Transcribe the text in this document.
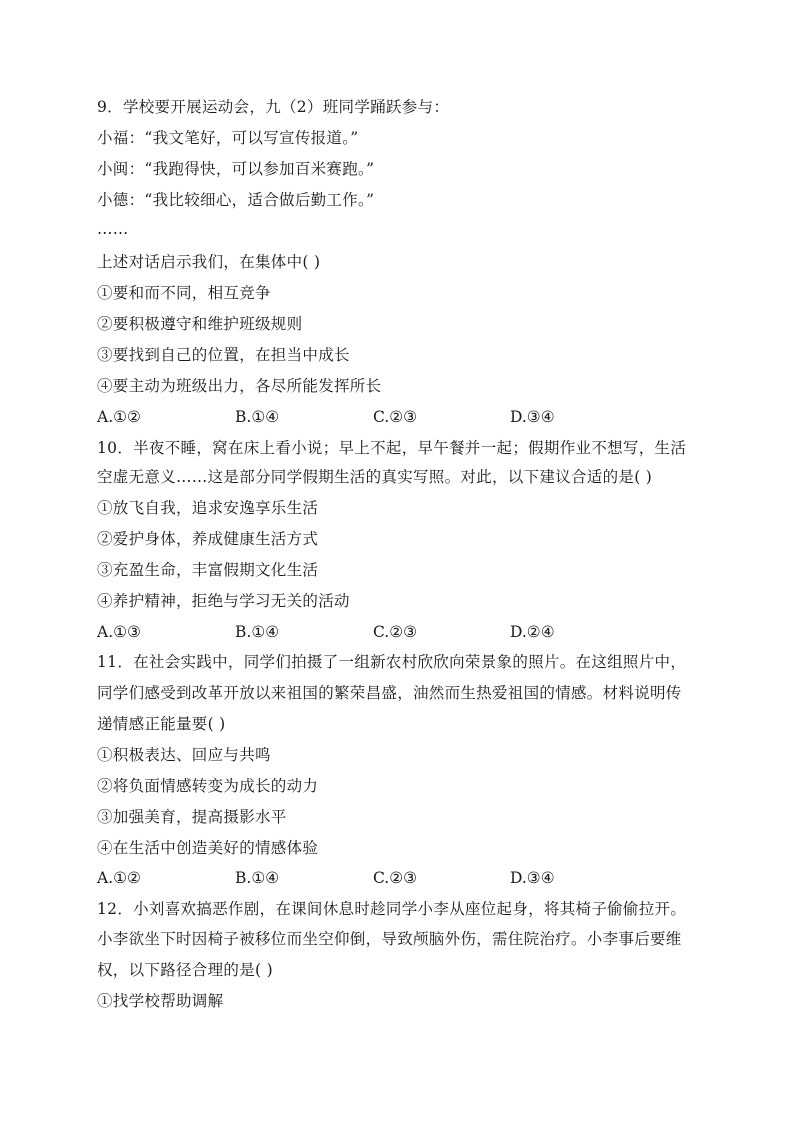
9．学校要开展运动会，九（2）班同学踊跃参与：
小福：“我文笔好，可以写宣传报道。”
小闽：“我跑得快，可以参加百米赛跑。”
小德：“我比较细心，适合做后勤工作。”
……
上述对话启示我们，在集体中( )
①要和而不同，相互竞争
②要积极遵守和维护班级规则
③要找到自己的位置，在担当中成长
④要主动为班级出力，各尽所能发挥所长
A.①②	B.①④	C.②③	D.③④
10．半夜不睡，窝在床上看小说；早上不起，早午餐并一起；假期作业不想写，生活
空虚无意义……这是部分同学假期生活的真实写照。对此，以下建议合适的是( )
①放飞自我，追求安逸享乐生活
②爱护身体，养成健康生活方式
③充盈生命，丰富假期文化生活
④养护精神，拒绝与学习无关的活动
A.①③	B.①④	C.②③	D.②④
11．在社会实践中，同学们拍摄了一组新农村欣欣向荣景象的照片。在这组照片中，
同学们感受到改革开放以来祖国的繁荣昌盛，油然而生热爱祖国的情感。材料说明传
递情感正能量要( )
①积极表达、回应与共鸣
②将负面情感转变为成长的动力
③加强美育，提高摄影水平
④在生活中创造美好的情感体验
A.①②	B.①④	C.②③	D.③④
12．小刘喜欢搞恶作剧，在课间休息时趁同学小李从座位起身，将其椅子偷偷拉开。
小李欲坐下时因椅子被移位而坐空仰倒，导致颅脑外伤，需住院治疗。小李事后要维
权，以下路径合理的是( )
①找学校帮助调解
